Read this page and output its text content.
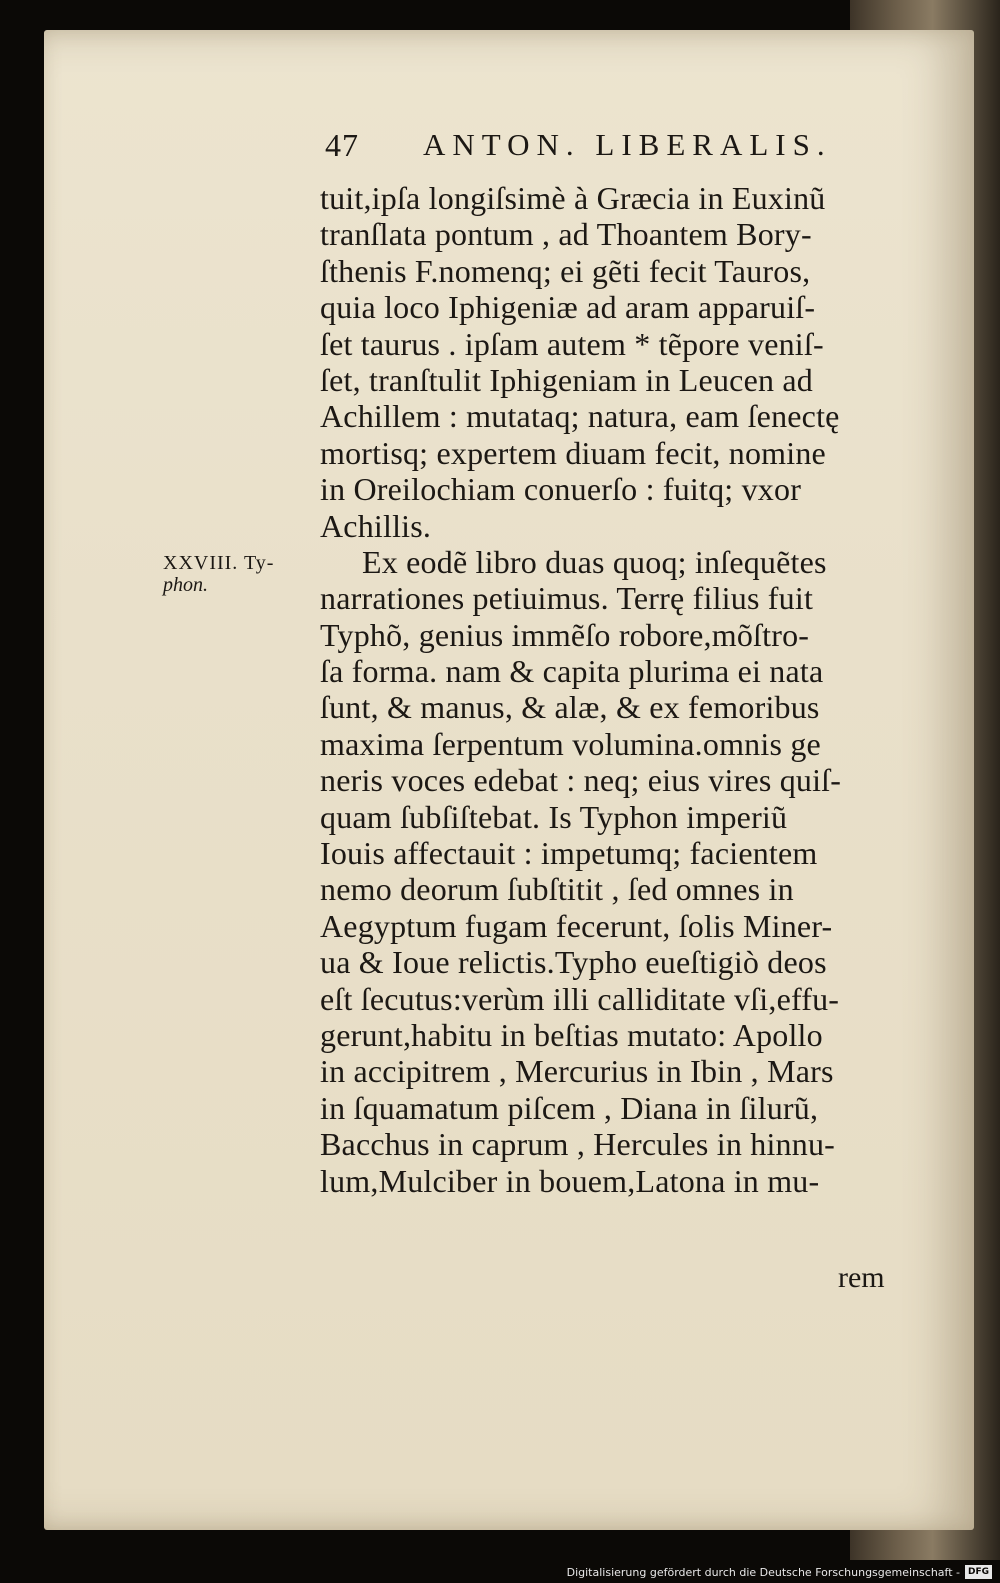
47 ANTON. LIBERALIS.
XXVIII. Ty-
phon.
tuit,ipſa longiſsimè à Græcia in Euxinũ
tranſlata pontum , ad Thoantem Bory-
ſthenis F.nomenq; ei gẽti fecit Tauros,
quia loco Iphigeniæ ad aram apparuiſ-
ſet taurus . ipſam autem * tẽpore veniſ-
ſet, tranſtulit Iphigeniam in Leucen ad
Achillem : mutataq; natura, eam ſenectę
mortisq; expertem diuam fecit, nomine
in Oreilochiam conuerſo : fuitq; vxor
Achillis.
Ex eodẽ libro duas quoq; inſequẽtes
narrationes petiuimus. Terrę filius fuit
Typhõ, genius immẽſo robore,mõſtro-
ſa forma. nam & capita plurima ei nata
ſunt, & manus, & alæ, & ex femoribus
maxima ſerpentum volumina.omnis ge
neris voces edebat : neq; eius vires quiſ-
quam ſubſiſtebat. Is Typhon imperiũ
Iouis affectauit : impetumq; facientem
nemo deorum ſubſtitit , ſed omnes in
Aegyptum fugam fecerunt, ſolis Miner-
ua & Ioue relictis.Typho eueſtigiò deos
eſt ſecutus:verùm illi calliditate vſi,effu-
gerunt,habitu in beſtias mutato: Apollo
in accipitrem , Mercurius in Ibin , Mars
in ſquamatum piſcem , Diana in ſilurũ,
Bacchus in caprum , Hercules in hinnu-
lum,Mulciber in bouem,Latona in mu-
rem
Digitalisierung gefördert durch die Deutsche Forschungsgemeinschaft - DFG
